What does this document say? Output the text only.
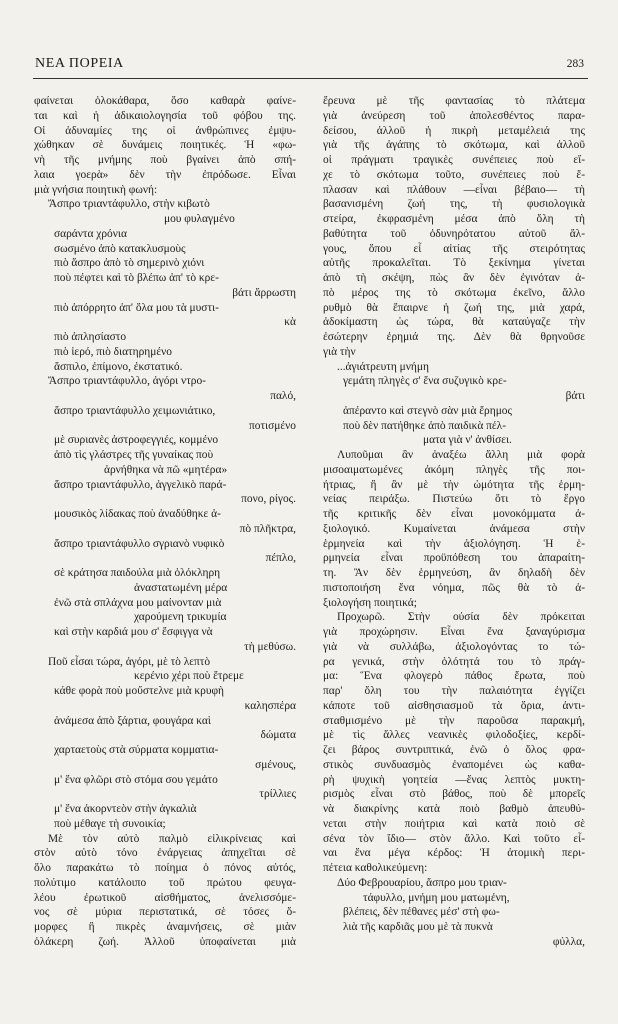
ΝΕΑ ΠΟΡΕΙΑ	283
φαίνεται ὁλοκάθαρα, ὅσο καθαρὰ φαίνε-
ται καὶ ἡ ἀδικαιολογησία τοῦ φόβου της.
Οἱ ἀδυναμίες της οἱ ἀνθρώπινες ἐμψυ-
χώθηκαν σὲ δυνάμεις ποιητικές. Ἡ «φω-
νὴ τῆς μνήμης ποὺ βγαίνει ἀπὸ σπή-
λαια γοερὰ» δὲν τὴν ἐπρόδωσε. Εἶναι
μιὰ γνήσια ποιητικὴ φωνή:
Ἄσπρο τριαντάφυλλο, στὴν κιβωτὸ
μου φυλαγμένο
σαράντα χρόνια
σωσμένο ἀπὸ κατακλυσμοὺς
πιὸ ἄσπρο ἀπὸ τὸ σημερινὸ χιόνι
ποὺ πέφτει καὶ τὸ βλέπω ἀπ' τὸ κρε-
βάτι ἄρρωστη
πιὸ ἀπόρρητο ἀπ' ὅλα μου τὰ μυστι-
κὰ
πιὸ ἀπλησίαστο
πιὸ ἱερό, πιὸ διατηρημένο
ἄσπιλο, ἐπίμονο, ἐκστατικό.
Ἄσπρο τριαντάφυλλο, ἀγόρι ντρο-
παλό,
ἄσπρο τριαντάφυλλο χειμωνιάτικο,
ποτισμένο
μὲ συριανὲς ἀστροφεγγιές, κομμένο
ἀπὸ τὶς γλάστρες τῆς γυναίκας ποὺ
ἀρνήθηκα νὰ πῶ «μητέρα»
ἄσπρο τριαντάφυλλο, ἀγγελικὸ παρά-
πονο, ρίγος.
μουσικὸς λίδακας ποὺ ἀναδύθηκε ἀ-
πὸ πλῆκτρα,
ἄσπρο τριαντάφυλλο σγριανὸ νυφικὸ
πέπλο,
σὲ κράτησα παιδούλα μιὰ ὁλόκληρη
ἀναστατωμένη μέρα
ἐνῶ στὰ σπλάχνα μου μαίνονταν μιὰ
χαρούμενη τρικυμία
καὶ στὴν καρδιά μου σ' ἔσφιγγα νὰ
τὴ μεθύσω.
Ποῦ εἶσαι τώρα, ἀγόρι, μὲ τὸ λεπτὸ
κερένιο χέρι ποὺ ἔτρεμε
κάθε φορὰ ποὺ μοὔστελνε μιὰ κρυφὴ
καλησπέρα
ἀνάμεσα ἀπὸ ξάρτια, φουγάρα καὶ
δώματα
χαρταετοὺς στὰ σύρματα κομματια-
σμένους,
μ' ἕνα φλῶρι στὸ στόμα σου γεμάτο
τρίλλιες
μ' ἕνα ἀκορντεὸν στὴν ἀγκαλιὰ
ποὺ μέθαγε τὴ συνοικία;
Μὲ τὸν αὐτὸ παλμὸ εἰλικρίνειας καὶ
στὸν αὐτὸ τόνο ἐνάργειας ἀπηχεῖται σὲ
ὅλο παρακάτω τὸ ποίημα ὁ πόνος αὐτός,
πολύτιμο κατάλοιπο τοῦ πρώτου φευγα-
λέου ἐρωτικοῦ αἰσθήματος, ἀνελισσόμε-
νος σὲ μύρια περιστατικά, σὲ τόσες ὄ-
μορφες ἢ πικρὲς ἀναμνήσεις, σὲ μιὰν
ὁλάκερη ζωή. Ἀλλοῦ ὑποφαίνεται μιὰ
ἔρευνα μὲ τῆς φαντασίας τὸ πλάτεμα
γιὰ ἀνεύρεση τοῦ ἀπολεσθέντος παρα-
δείσου, ἀλλοῦ ἡ πικρὴ μεταμέλειά της
γιὰ τῆς ἀγάπης τὸ σκότωμα, καὶ ἀλλοῦ
οἱ πράγματι τραγικὲς συνέπειες ποὺ εἴ-
χε τὸ σκότωμα τοῦτο, συνέπειες ποὺ ἔ-
πλασαν καὶ πλάθουν —εἶναι βέβαιο— τὴ
βασανισμένη ζωή της, τὴ φυσιολογικὰ
στείρα, ἐκφρασμένη μέσα ἀπὸ ὅλη τὴ
βαθύτητα τοῦ ὀδυνηρότατου αὐτοῦ ἄλ-
γους, ὅπου εἶ αἰτίας τῆς στειρότητας
αὐτῆς προκαλεῖται. Τὸ ξεκίνημα γίνεται
ἀπὸ τὴ σκέψη, πὼς ἂν δὲν ἐγινόταν ἀ-
πὸ μέρος της τὸ σκότωμα ἐκεῖνο, ἄλλο
ρυθμὸ θὰ ἔπαιρνε ἡ ζωή της, μιὰ χαρά,
ἀδοκίμαστη ὡς τώρα, θὰ καταύγαζε τὴν
ἐσώτερην ἐρημιά της. Δὲν θὰ θρηνοῦσε
γιὰ τὴν
...ἀγιάτρευτη μνήμη
γεμάτη πληγὲς σ' ἕνα συζυγικὸ κρε-
βάτι
ἀπέραντο καὶ στεγνὸ σὰν μιὰ ἔρημος
ποὺ δὲν πατήθηκε ἀπὸ παιδικὰ πέλ-
ματα γιὰ ν' ἀνθίσει.
Λυποῦμαι ἂν ἀναξέω ἄλλη μιὰ φορὰ
μισοαιματωμένες ἀκόμη πληγὲς τῆς ποι-
ήτριας, ἢ ἂν μὲ τὴν ὡμότητα τῆς ἑρμη-
νείας πειράξω. Πιστεύω ὅτι τὸ ἔργο
τῆς κριτικῆς δὲν εἶναι μονοκόμματα ἀ-
ξιολογικό. Κυμαίνεται ἀνάμεσα στὴν
ἑρμηνεία καὶ τὴν ἀξιολόγηση. Ἡ ἑ-
ρμηνεία εἶναι προϋπόθεση του ἀπαραίτη-
τη. Ἂν δὲν ἑρμηνεύση, ἂν δηλαδὴ δὲν
πιστοποιήση ἕνα νόημα, πῶς θὰ τὸ ἀ-
ξιολογήση ποιητικά;
Προχωρῶ. Στὴν οὐσία δὲν πρόκειται
γιὰ προχώρησιν. Εἶναι ἕνα ξαναγύρισμα
γιὰ νὰ συλλάβω, ἀξιολογόντας το τώ-
ρα γενικά, στὴν ὁλότητά του τὸ πράγ-
μα: Ἕνα φλογερὸ πάθος ἔρωτα, ποὺ
παρ' ὅλη του τὴν παλαιότητα ἐγγίζει
κάποτε τοῦ αἰσθησιασμοῦ τὰ ὅρια, ἀντι-
σταθμισμένο μὲ τὴν παροῦσα παρακμή,
μὲ τὶς ἄλλες νεανικὲς φιλοδοξίες, κερδί-
ζει βάρος συντριπτικά, ἐνῶ ὁ ὅλος φρα-
στικὸς συνδυασμὸς ἐναπομένει ὡς καθα-
ρὴ ψυχικὴ γοητεία —ἕνας λεπτὸς μυκτη-
ρισμὸς εἶναι στὸ βάθος, ποὺ δὲ μπορεῖς
νὰ διακρίνης κατὰ ποιὸ βαθμὸ ἀπευθύ-
νεται στὴν ποιήτρια καὶ κατὰ ποιὸ σὲ
σένα τὸν ἴδιο— στὸν ἄλλο. Καὶ τοῦτο εἶ-
ναι ἕνα μέγα κέρδος: Ἡ ἀτομικὴ περι-
πέτεια καθολικεύμενη:
Δύο Φεβρουαρίου, ἄσπρο μου τριαν-
τάφυλλο, μνήμη μου ματωμένη,
βλέπεις, δὲν πέθανες μέσ' στὴ φω-
λιὰ τῆς καρδιᾶς μου μὲ τὰ πυκνὰ
φύλλα,
